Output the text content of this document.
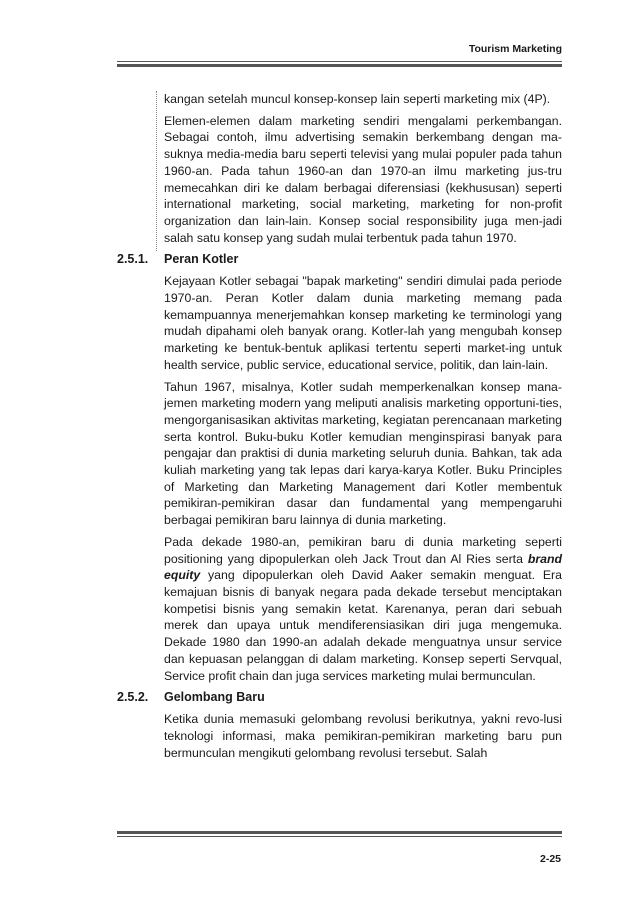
Tourism Marketing

kangan setelah muncul konsep-konsep lain seperti marketing mix (4P).

Elemen-elemen dalam marketing sendiri mengalami perkembangan. Sebagai contoh, ilmu advertising semakin berkembang dengan ma-suknya media-media baru seperti televisi yang mulai populer pada tahun 1960-an. Pada tahun 1960-an dan 1970-an ilmu marketing jus-tru memecahkan diri ke dalam berbagai diferensiasi (kekhususan) seperti international marketing, social marketing, marketing for non-profit organization dan lain-lain. Konsep social responsibility juga men-jadi salah satu konsep yang sudah mulai terbentuk pada tahun 1970.

2.5.1. Peran Kotler

Kejayaan Kotler sebagai "bapak marketing" sendiri dimulai pada periode 1970-an. Peran Kotler dalam dunia marketing memang pada kemampuannya menerjemahkan konsep marketing ke terminologi yang mudah dipahami oleh banyak orang. Kotler-lah yang mengubah konsep marketing ke bentuk-bentuk aplikasi tertentu seperti market-ing untuk health service, public service, educational service, politik, dan lain-lain.

Tahun 1967, misalnya, Kotler sudah memperkenalkan konsep mana-jemen marketing modern yang meliputi analisis marketing opportuni-ties, mengorganisasikan aktivitas marketing, kegiatan perencanaan marketing serta kontrol. Buku-buku Kotler kemudian menginspirasi banyak para pengajar dan praktisi di dunia marketing seluruh dunia. Bahkan, tak ada kuliah marketing yang tak lepas dari karya-karya Kotler. Buku Principles of Marketing dan Marketing Management dari Kotler membentuk pemikiran-pemikiran dasar dan fundamental yang mempengaruhi berbagai pemikiran baru lainnya di dunia marketing.

Pada dekade 1980-an, pemikiran baru di dunia marketing seperti positioning yang dipopulerkan oleh Jack Trout dan Al Ries serta brand equity yang dipopulerkan oleh David Aaker semakin menguat. Era kemajuan bisnis di banyak negara pada dekade tersebut menciptakan kompetisi bisnis yang semakin ketat. Karenanya, peran dari sebuah merek dan upaya untuk mendiferensiasikan diri juga mengemuka. Dekade 1980 dan 1990-an adalah dekade menguatnya unsur service dan kepuasan pelanggan di dalam marketing. Konsep seperti Servqual, Service profit chain dan juga services marketing mulai bermunculan.

2.5.2. Gelombang Baru

Ketika dunia memasuki gelombang revolusi berikutnya, yakni revo-lusi teknologi informasi, maka pemikiran-pemikiran marketing baru pun bermunculan mengikuti gelombang revolusi tersebut. Salah

2-25
